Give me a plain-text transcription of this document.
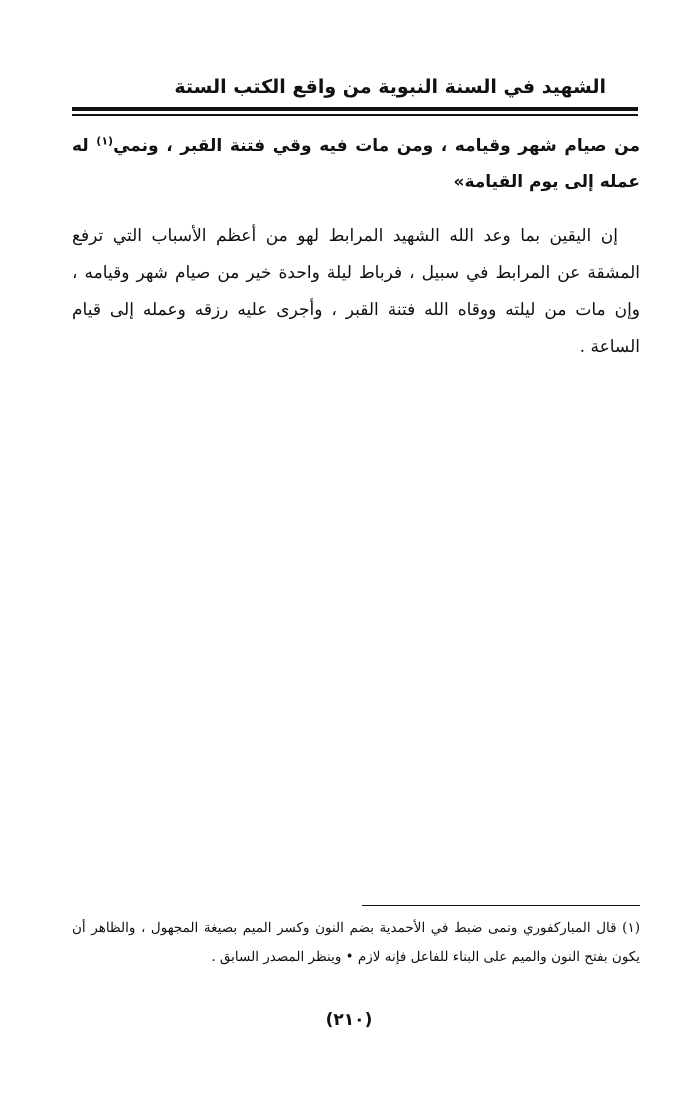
الشهيد في السنة النبوية من واقع الكتب الستة

من صيام شهر وقيامه ، ومن مات فيه وقي فتنة القبر ، ونمي$^{(١)}$ له عمله إلى يوم القيامة»

إن اليقين بما وعد الله الشهيد المرابط لهو من أعظم الأسباب التي ترفع المشقة عن المرابط في سبيل ، فرباط ليلة واحدة خير من صيام شهر وقيامه ، وإن مات من ليلته ووقاه الله فتنة القبر ، وأجرى عليه رزقه وعمله إلى قيام الساعة .

(١) قال المباركفوري ونمى ضبط في الأحمدية بضم النون وكسر الميم بصيغة المجهول ، والظاهر أن يكون بفتح النون والميم على البناء للفاعل فإنه لازم • وينظر المصدر السابق .

(٢١٠)
